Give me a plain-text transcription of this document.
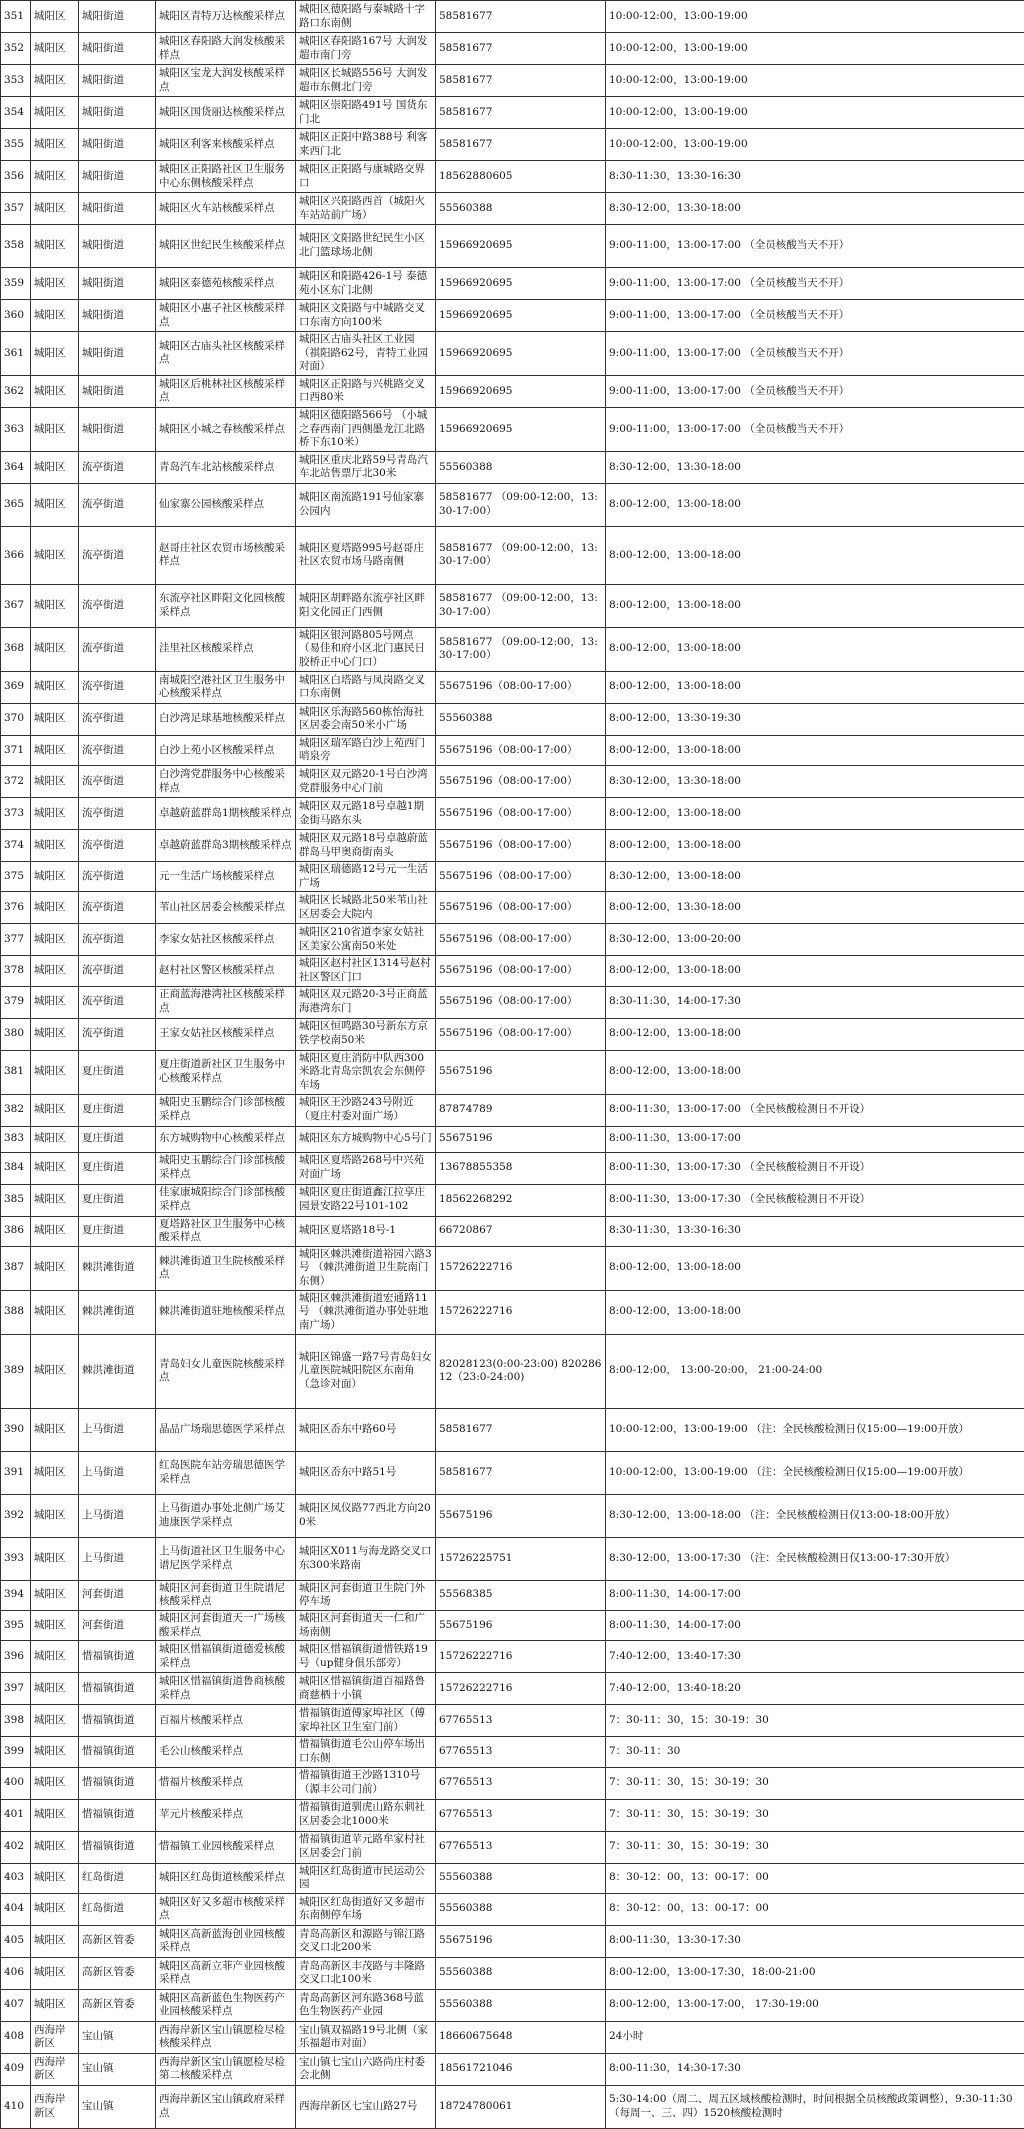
351	城阳区	城阳街道	城阳区青特万达核酸采样点	城阳区德阳路与泰城路十字路口东南侧	58581677	10:00-12:00，13:00-19:00
352	城阳区	城阳街道	城阳区春阳路大润发核酸采样点	城阳区春阳路167号 大润发超市南门旁	58581677	10:00-12:00，13:00-19:00
353	城阳区	城阳街道	城阳区宝龙大润发核酸采样点	城阳区长城路556号 大润发超市东侧北门旁	58581677	10:00-12:00，13:00-19:00
354	城阳区	城阳街道	城阳区国货丽达核酸采样点	城阳区崇阳路491号 国货东门北	58581677	10:00-12:00，13:00-19:00
355	城阳区	城阳街道	城阳区利客来核酸采样点	城阳区正阳中路388号 利客来西门北	58581677	10:00-12:00，13:00-19:00
356	城阳区	城阳街道	城阳区正阳路社区卫生服务中心东侧核酸采样点	城阳区正阳路与康城路交界口	18562880605	8:30-11:30，13:30-16:30
357	城阳区	城阳街道	城阳区火车站核酸采样点	城阳区兴阳路西首（城阳火车站站前广场）	55560388	8:30-12:00，13:30-18:00
358	城阳区	城阳街道	城阳区世纪民生核酸采样点	城阳区文阳路世纪民生小区北门篮球场北侧	15966920695	9:00-11:00，13:00-17:00 （全员核酸当天不开）
359	城阳区	城阳街道	城阳区泰德苑核酸采样点	城阳区和阳路426-1号 泰德苑小区东门北侧	15966920695	9:00-11:00，13:00-17:00 （全员核酸当天不开）
360	城阳区	城阳街道	城阳区小惠子社区核酸采样点	城阳区文阳路与中城路交叉口东南方向100米	15966920695	9:00-11:00，13:00-17:00 （全员核酸当天不开）
361	城阳区	城阳街道	城阳区古庙头社区核酸采样点	城阳区古庙头社区工业园（祺阳路62号，青特工业园对面）	15966920695	9:00-11:00，13:00-17:00 （全员核酸当天不开）
362	城阳区	城阳街道	城阳区后桃林社区核酸采样点	城阳区正阳路与兴桃路交叉口西80米	15966920695	9:00-11:00，13:00-17:00 （全员核酸当天不开）
363	城阳区	城阳街道	城阳区小城之春核酸采样点	城阳区德阳路566号 （小城之春西南门西侧墨龙江北路桥下东10米）	15966920695	9:00-11:00，13:00-17:00 （全员核酸当天不开）
364	城阳区	流亭街道	青岛汽车北站核酸采样点	城阳区重庆北路59号青岛汽车北站售票厅北30米	55560388	8:30-12:00，13:30-18:00
365	城阳区	流亭街道	仙家寨公园核酸采样点	城阳区南流路191号仙家寨公园内	58581677 （09:00-12:00，13:30-17:00）	8:00-12:00，13:00-18:00
366	城阳区	流亭街道	赵哥庄社区农贸市场核酸采样点	城阳区夏塔路995号赵哥庄社区农贸市场马路南侧	58581677 （09:00-12:00，13:30-17:00）	8:00-12:00，13:00-18:00
367	城阳区	流亭街道	东流亭社区畔阳文化园核酸采样点	城阳区胡畔路东流亭社区畔阳文化园正门西侧	58581677 （09:00-12:00，13:30-17:00）	8:00-12:00，13:00-18:00
368	城阳区	流亭街道	洼里社区核酸采样点	城阳区银河路805号网点（易佳和府小区北门惠民日胶桥正中心门口）	58581677 （09:00-12:00，13:30-17:00）	8:00-12:00，13:00-18:00
369	城阳区	流亭街道	南城阳空港社区卫生服务中心核酸采样点	城阳区白塔路与凤岗路交叉口东南侧	55675196（08:00-17:00）	8:00-12:00，13:00-18:00
370	城阳区	流亭街道	白沙湾足球基地核酸采样点	城阳区乐海路560栋怡海社区居委会南50米小广场	55560388	8:00-12:00，13:30-19:30
371	城阳区	流亭街道	白沙上苑小区核酸采样点	城阳区瑞军路白沙上苑西门哨泉旁	55675196（08:00-17:00）	8:00-12:00，13:00-18:00
372	城阳区	流亭街道	白沙湾党群服务中心核酸采样点	城阳区双元路20-1号白沙湾党群服务中心门前	55675196（08:00-17:00）	8:30-12:00，13:30-18:00
373	城阳区	流亭街道	卓越蔚蓝群岛1期核酸采样点	城阳区双元路18号卓越1期金街马路东头	55675196（08:00-17:00）	8:00-12:00，13:00-18:00
374	城阳区	流亭街道	卓越蔚蓝群岛3期核酸采样点	城阳区双元路18号卓越蔚蓝群岛马甲奥商街南头	55675196（08:00-17:00）	8:00-12:00，13:00-18:00
375	城阳区	流亭街道	元一生活广场核酸采样点	城阳区瑞德路12号元一生活广场	55675196（08:00-17:00）	8:30-12:00，13:00-18:00
376	城阳区	流亭街道	苇山社区居委会核酸采样点	城阳区长城路北50米苇山社区居委会大院内	55675196（08:00-17:00）	8:00-12:00，13:30-18:00
377	城阳区	流亭街道	李家女姑社区核酸采样点	城阳区210省道李家女姑社区美家公寓南50米处	55675196（08:00-17:00）	8:30-12:00，13:00-20:00
378	城阳区	流亭街道	赵村社区警区核酸采样点	城阳区赵村社区1314号赵村社区警区门口	55675196（08:00-17:00）	8:00-12:00，13:00-18:00
379	城阳区	流亭街道	正商蓝海港湾社区核酸采样点	城阳区双元路20-3号正商蓝海港湾东门	55675196（08:00-17:00）	8:30-11:30，14:00-17:30
380	城阳区	流亭街道	王家女姑社区核酸采样点	城阳区恒鸣路30号新东方京铁学校南50米	55675196（08:00-17:00）	8:00-12:00，13:00-18:00
381	城阳区	夏庄街道	夏庄街道新社区卫生服务中心核酸采样点	城阳区夏庄消防中队西300米路北青岛宗凯农会东侧停车场	55675196	8:00-12:00，13:00-18:00
382	城阳区	夏庄街道	城阳史玉鹏综合门诊部核酸采样点	城阳区王沙路243号附近（夏庄村委对面广场）	87874789	8:00-11:30，13:00-17:00 （全民核酸检测日不开设）
383	城阳区	夏庄街道	东方城购物中心核酸采样点	城阳区东方城购物中心5号门	55675196	8:00-11:30，13:00-17:00
384	城阳区	夏庄街道	城阳史玉鹏综合门诊部核酸采样点	城阳区夏塔路268号中兴苑对面广场	13678855358	8:00-11:30，13:00-17:30 （全民核酸检测日不开设）
385	城阳区	夏庄街道	佳家康城阳综合门诊部核酸采样点	城阳区夏庄街道鑫江拉享庄园景安路22号101-102	18562268292	8:00-11:30，13:00-17:30 （全民核酸检测日不开设）
386	城阳区	夏庄街道	夏塔路社区卫生服务中心核酸采样点	城阳区夏塔路18号-1	66720867	8:30-11:30，13:30-16:30
387	城阳区	棘洪滩街道	棘洪滩街道卫生院核酸采样点	城阳区棘洪滩街道裕园六路3号 （棘洪滩街道卫生院南门东侧）	15726222716	8:00-12:00，13:00-18:00
388	城阳区	棘洪滩街道	棘洪滩街道驻地核酸采样点	城阳区棘洪滩街道宏通路11号 （棘洪滩街道办事处驻地南广场）	15726222716	8:00-12:00，13:00-18:00
389	城阳区	棘洪滩街道	青岛妇女儿童医院核酸采样点	城阳区锦盛一路7号青岛妇女儿童医院城阳院区东南角（急诊对面）	82028123(0:00-23:00) 82028612（23:0-24:00)	8:00-12:00， 13:00-20:00， 21:00-24:00
390	城阳区	上马街道	晶品广场瑞思德医学采样点	城阳区岙东中路60号	58581677	10:00-12:00，13:00-19:00 （注：全民核酸检测日仅15:00—19:00开放）
391	城阳区	上马街道	红岛医院车站旁瑞思德医学采样点	城阳区岙东中路51号	58581677	10:00-12:00，13:00-19:00 （注：全民核酸检测日仅15:00—19:00开放）
392	城阳区	上马街道	上马街道办事处北侧广场艾迪康医学采样点	城阳区凤仪路77西北方向200米	55675196	8:30-12:00，13:00-18:00 （注：全民核酸检测日仅13:00-18:00开放）
393	城阳区	上马街道	上马街道社区卫生服务中心谱尼医学采样点	城阳区X011与海龙路交叉口东300米路南	15726225751	8:30-12:00，13:00-17:30 （注：全民核酸检测日仅13:00-17:30开放）
394	城阳区	河套街道	城阳区河套街道卫生院谱尼核酸采样点	城阳区河套街道卫生院门外停车场	55568385	8:00-11:30，14:00-17:00
395	城阳区	河套街道	城阳区河套街道天一广场核酸采样点	城阳区河套街道天一仁和广场南侧	55675196	8:00-11:30，14:00-17:00
396	城阳区	惜福镇街道	城阳区惜福镇街道德爱核酸采样点	城阳区惜福镇街道惜铁路19号（up健身俱乐部旁）	15726222716	7:40-12:00，13:40-17:30
397	城阳区	惜福镇街道	城阳区惜福镇街道鲁商核酸采样点	城阳区惜福镇街道百福路鲁商慈栖十小镇	15726222716	7:40-12:00，13:40-18:20
398	城阳区	惜福镇街道	百福片核酸采样点	惜福镇街道傅家埠社区（傅家埠社区卫生室门前）	67765513	7：30-11：30，15：30-19：30
399	城阳区	惜福镇街道	毛公山核酸采样点	惜福镇街道毛公山停车场出口东侧	67765513	7：30-11：30
400	城阳区	惜福镇街道	惜福片核酸采样点	惜福镇街道王沙路1310号（源丰公司门前）	67765513	7：30-11：30，15：30-19：30
401	城阳区	惜福镇街道	苹元片核酸采样点	惜福镇街道驯虎山路东刺社区居委会北1000米	67765513	7：30-11：30，15：30-19：30
402	城阳区	惜福镇街道	惜福镇工业园核酸采样点	惜福镇街道苹元路牟家村社区居委会门前	67765513	7：30-11：30，15：30-19：30
403	城阳区	红岛街道	城阳区红岛街道核酸采样点	城阳区红岛街道市民运动公园	55560388	8：30-12：00，13：00-17：00
404	城阳区	红岛街道	城阳区好又多超市核酸采样点	城阳区红岛街道好又多超市东南侧停车场	55560388	8：30-12：00，13：00-17：00
405	城阳区	高新区管委	城阳区高新蓝海创业园核酸采样点	青岛高新区和源路与锦江路交叉口北200米	55675196	8:00-11:30，13:30-17:30
406	城阳区	高新区管委	城阳区高新立菲产业园核酸采样点	青岛高新区丰茂路与丰隆路交叉口北100米	55560388	8:00-12:00，13:00-17:30，18:00-21:00
407	城阳区	高新区管委	城阳区高新蓝色生物医药产业园核酸采样点	青岛高新区河东路368号蓝色生物医药产业园	55560388	8:00-12:00，13:00-17:00， 17:30-19:00
408	西海岸新区	宝山镇	西海岸新区宝山镇愿检尽检核酸采样点	宝山镇双福路19号北侧（家乐福超市对面）	18660675648	24小时
409	西海岸新区	宝山镇	西海岸新区宝山镇愿检尽检第二核酸采样点	宝山镇七宝山六路尚庄村委会北侧	18561721046	8:00-11:30，14:30-17:30
410	西海岸新区	宝山镇	西海岸新区宝山镇政府采样点	西海岸新区七宝山路27号	18724780061	5:30-14:00（周二、周五区域核酸检测时，时间根据全员核酸政策调整），9:30-11:30（每周一、三、四）1520核酸检测时
